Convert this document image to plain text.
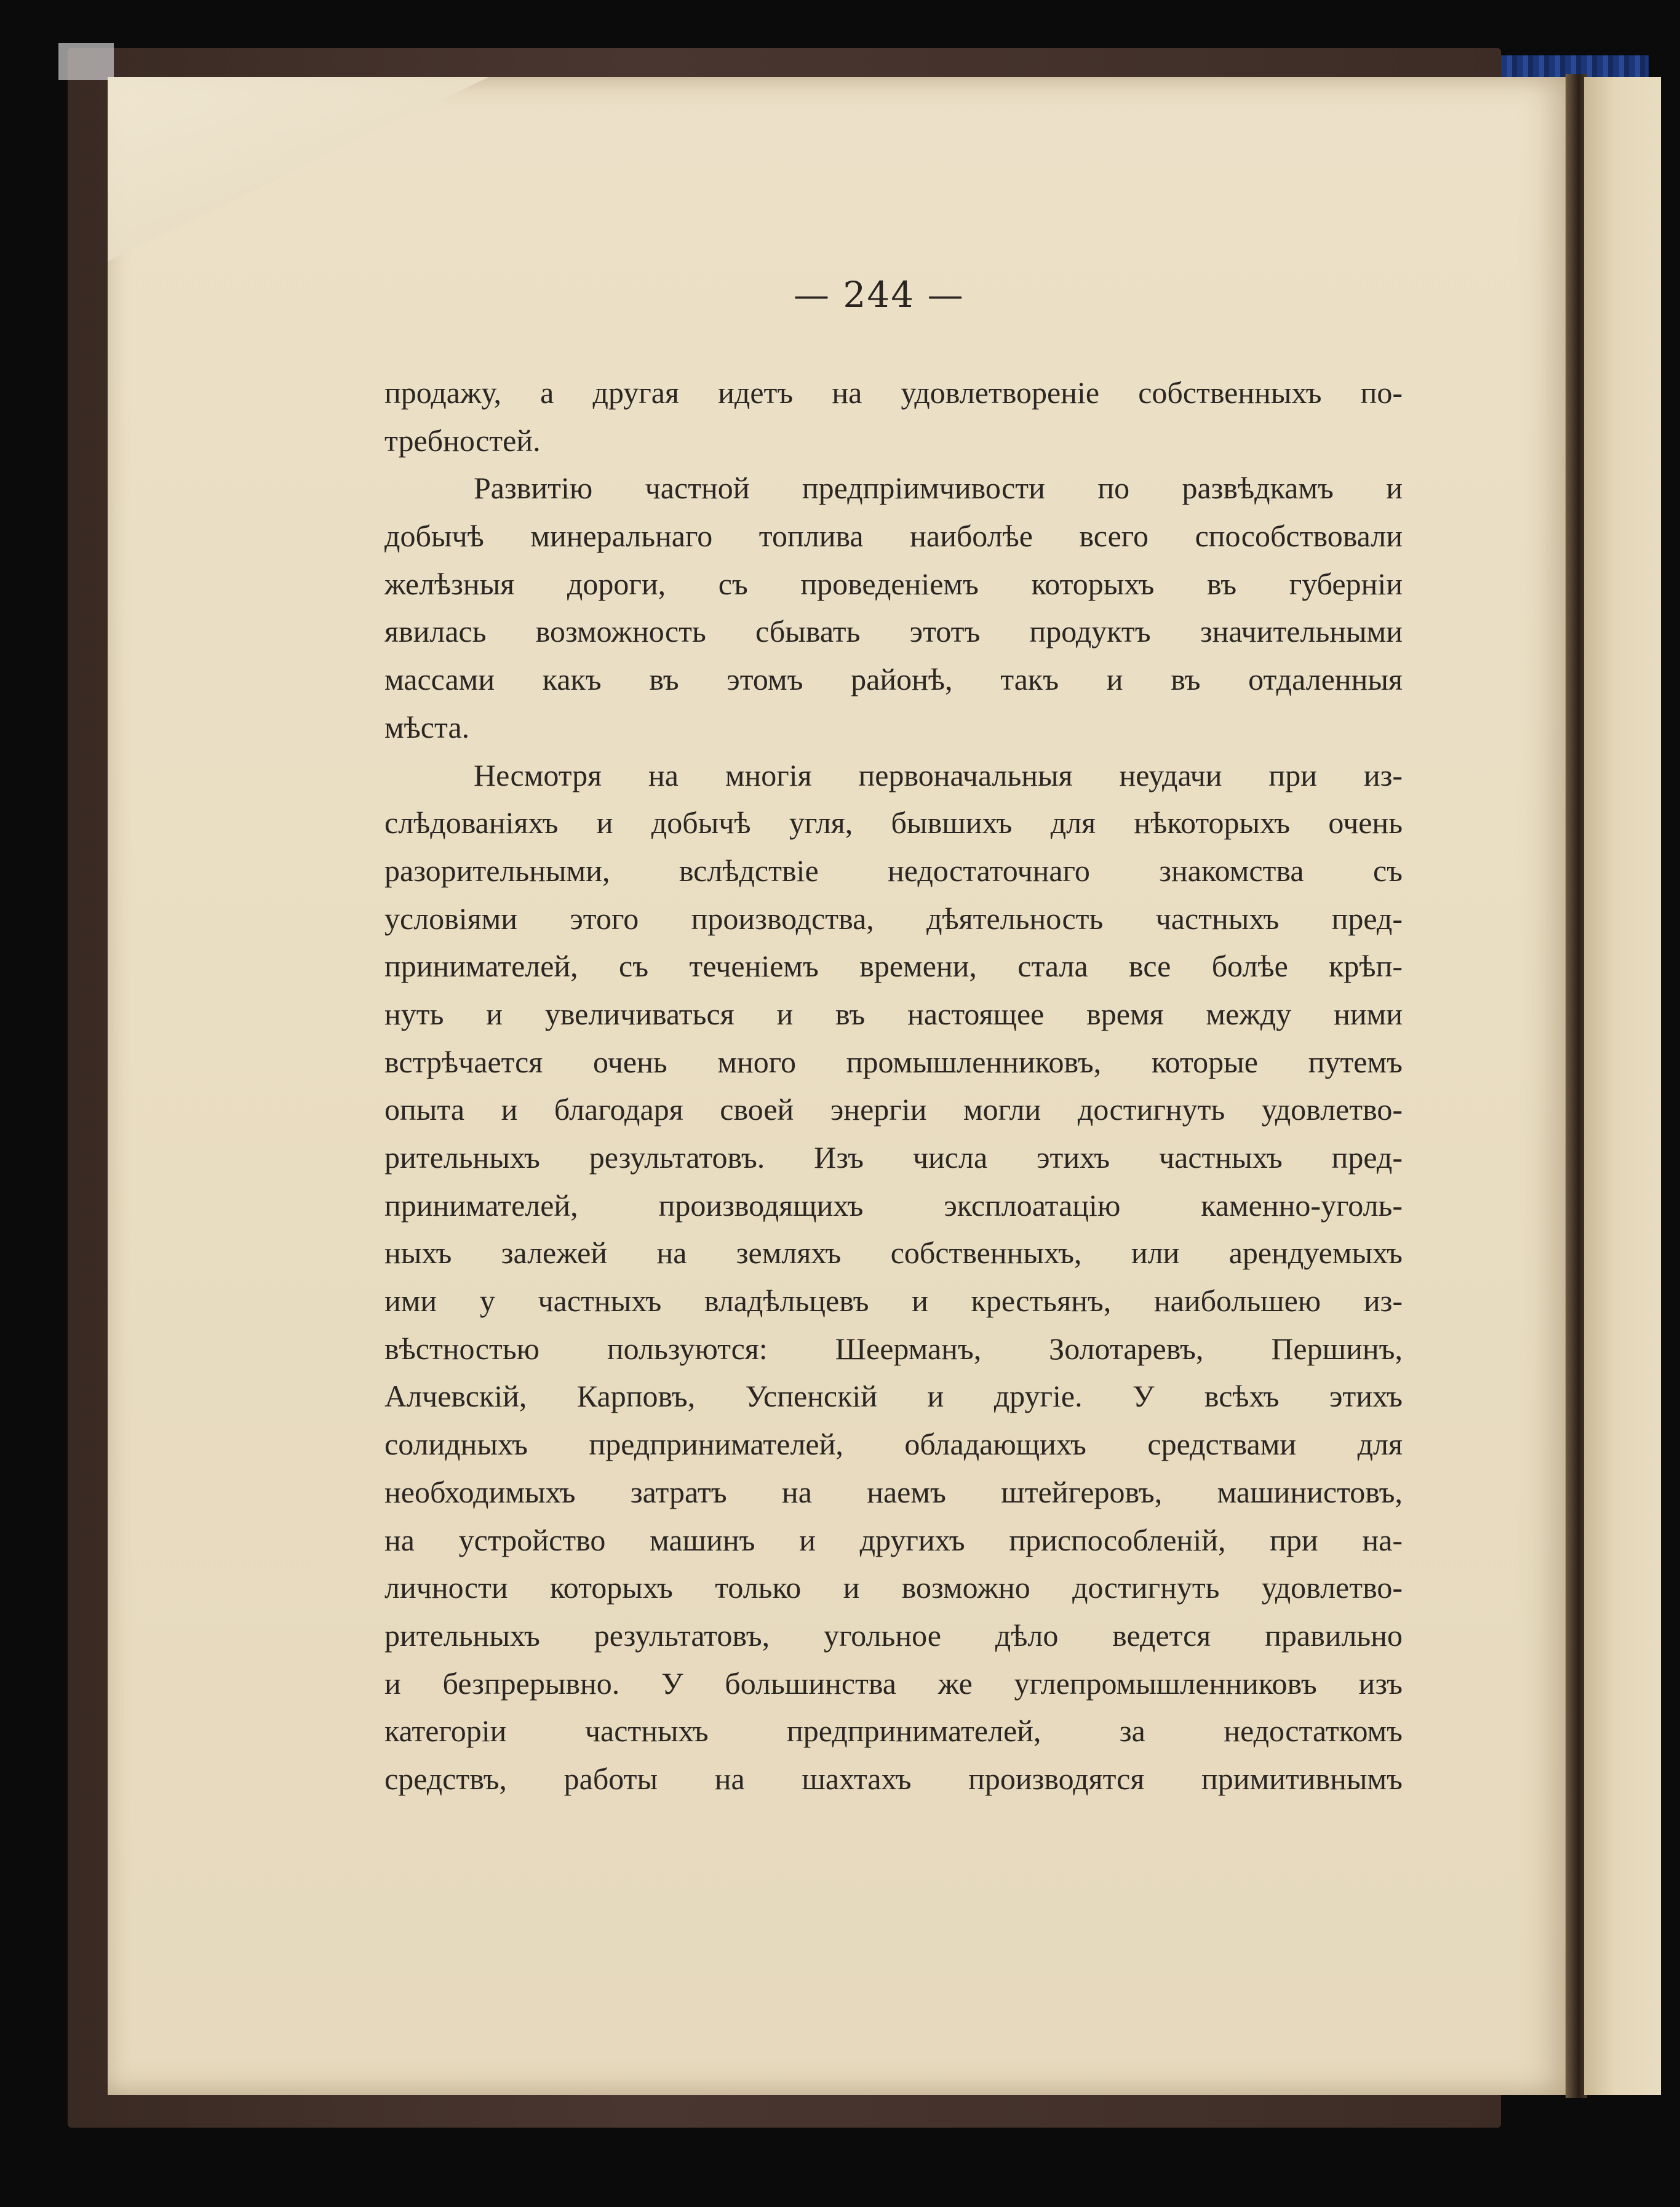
— 244 —
продажу, а другая идетъ на удовлетвореніе собственныхъ по-
требностей.
Развитію частной предпріимчивости по развѣдкамъ и
добычѣ минеральнаго топлива наиболѣе всего способствовали
желѣзныя дороги, съ проведеніемъ которыхъ въ губерніи
явилась возможность сбывать этотъ продуктъ значительными
массами какъ въ этомъ районѣ, такъ и въ отдаленныя
мѣста.
Несмотря на многія первоначальныя неудачи при из-
слѣдованіяхъ и добычѣ угля, бывшихъ для нѣкоторыхъ очень
разорительными, вслѣдствіе недостаточнаго знакомства съ
условіями этого производства, дѣятельность частныхъ пред-
принимателей, съ теченіемъ времени, стала все болѣе крѣп-
нуть и увеличиваться и въ настоящее время между ними
встрѣчается очень много промышленниковъ, которые путемъ
опыта и благодаря своей энергіи могли достигнуть удовлетво-
рительныхъ результатовъ. Изъ числа этихъ частныхъ пред-
принимателей, производящихъ эксплоатацію каменно-уголь-
ныхъ залежей на земляхъ собственныхъ, или арендуемыхъ
ими у частныхъ владѣльцевъ и крестьянъ, наибольшею из-
вѣстностью пользуются: Шеерманъ, Золотаревъ, Першинъ,
Алчевскій, Карповъ, Успенскій и другіе. У всѣхъ этихъ
солидныхъ предпринимателей, обладающихъ средствами для
необходимыхъ затратъ на наемъ штейгеровъ, машинистовъ,
на устройство машинъ и другихъ приспособленій, при на-
личности которыхъ только и возможно достигнуть удовлетво-
рительныхъ результатовъ, угольное дѣло ведется правильно
и безпрерывно. У большинства же углепромышленниковъ изъ
категоріи частныхъ предпринимателей, за недостаткомъ
средствъ, работы на шахтахъ производятся примитивнымъ
